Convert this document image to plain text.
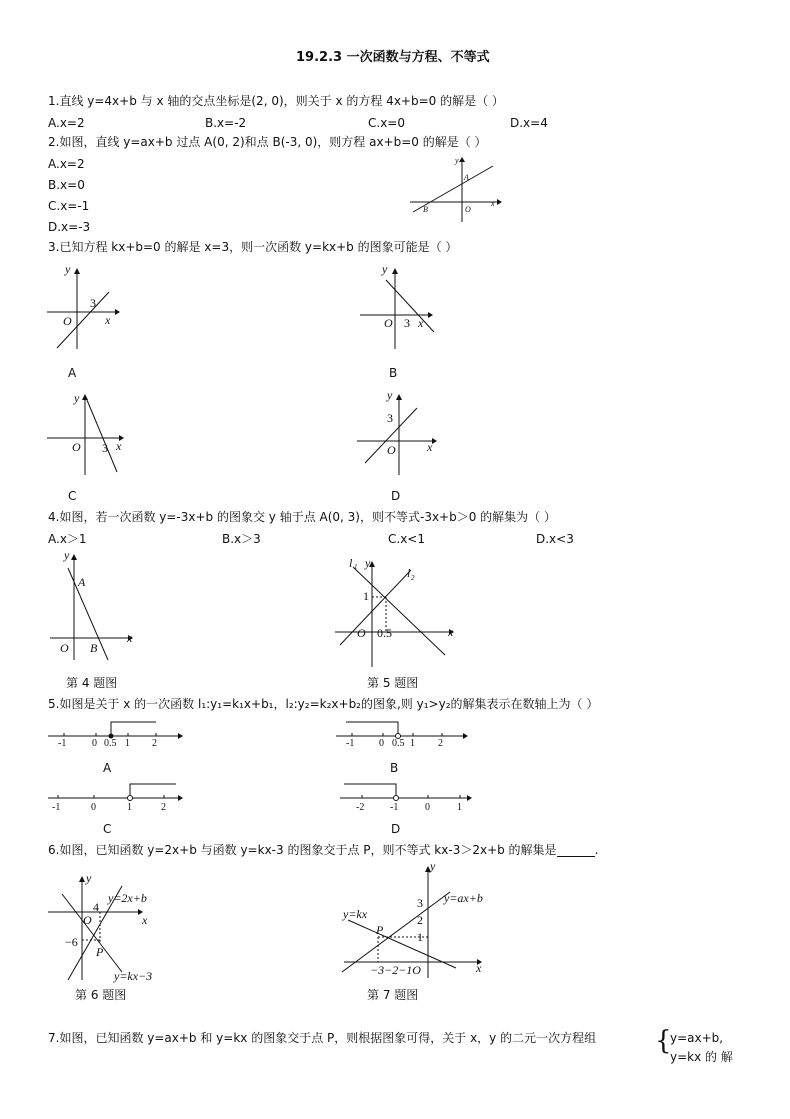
19.2.3 一次函数与方程、不等式
1.直线 y=4x+b 与 x 轴的交点坐标是(2, 0)，则关于 x 的方程 4x+b=0 的解是（ ）
A.x=2	B.x=-2	C.x=0	D.x=4
2.如图，直线 y=ax+b 过点 A(0, 2)和点 B(-3, 0)，则方程 ax+b=0 的解是（ ）
A.x=2
B.x=0
C.x=-1
D.x=-3
y
A
B	O
x
3.已知方程 kx+b=0 的解是 x=3，则一次函数 y=kx+b 的图象可能是（ ）
y
3
O	x
A
y
O 3 x
B
y
O 3 x
C
y
3
O	x
D
4.如图，若一次函数 y=-3x+b 的图象交 y 轴于点 A(0, 3)，则不等式-3x+b＞0 的解集为（ ）
A.x＞1	B.x＞3	C.x<1	D.x<3
y
A
O B
x
第 4 题图
l 1 y
l 2
1
0.5
O	x
第 5 题图
5.如图是关于 x 的一次函数 l₁:y₁=k₁x+b₁，l₂:y₂=k₂x+b₂的图象,则 y₁>y₂的解集表示在数轴上为（ ）
-1	0 0.5 1 2
A
-1 0 0.5 1 2
B
-1	0	1	2
C
-2	-1	0	1
D
6.如图，已知函数 y=2x+b 与函数 y=kx-3 的图象交于点 P，则不等式 kx-3＞2x+b 的解集是	.
y
y=2x+b
x
4
O
−6
P
y=kx−3
第 6 题图
y
y=ax+b
y=kx
3
2
1
P
−3−2−1O	x
第 7 题图
7.如图，已知函数 y=ax+b 和 y=kx 的图象交于点 P，则根据图象可得，关于 x，y 的二元一次方程组 {
y=ax+b,
y=kx 的 解
